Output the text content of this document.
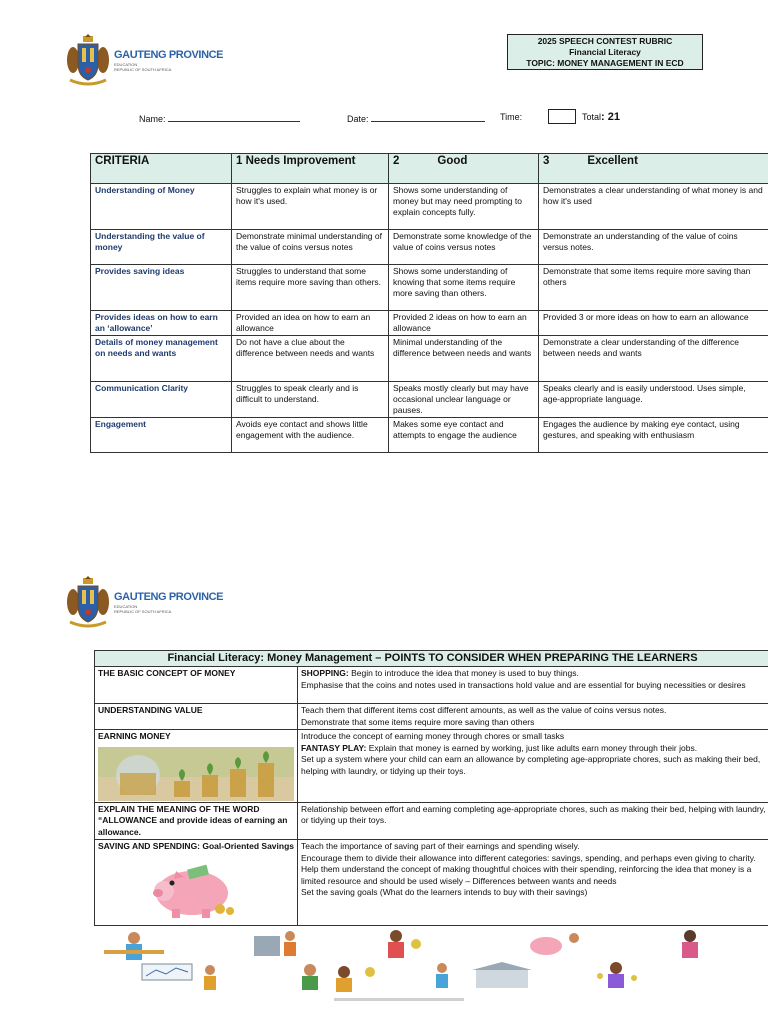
GAUTENG PROVINCE
EDUCATION
REPUBLIC OF SOUTH AFRICA
2025 SPEECH CONTEST RUBRIC
Financial Literacy
TOPIC: MONEY MANAGEMENT IN ECD
Name:	Date:	Time:	Total: 21
CRITERIA	1 Needs Improvement	2 Good	3 Excellent
Understanding of Money	Struggles to explain what money is or how it's used.	Shows some understanding of money but may need prompting to explain concepts fully.	Demonstrates a clear understanding of what money is and how it's used
Understanding the value of money	Demonstrate minimal understanding of the value of coins versus notes	Demonstrate some knowledge of the value of coins versus notes	Demonstrate an understanding of the value of coins versus notes.
Provides saving ideas	Struggles to understand that some items require more saving than others.	Shows some understanding of knowing that some items require more saving than others.	Demonstrate that some items require more saving than others
Provides ideas on how to earn an ‘allowance’	Provided an idea on how to earn an allowance	Provided 2 ideas on how to earn an allowance	Provided 3 or more ideas on how to earn an allowance
Details of money management on needs and wants	Do not have a clue about the difference between needs and wants	Minimal understanding of the difference between needs and wants	Demonstrate a clear understanding of the difference between needs and wants
Communication Clarity	Struggles to speak clearly and is difficult to understand.	Speaks mostly clearly but may have occasional unclear language or pauses.	Speaks clearly and is easily understood. Uses simple, age-appropriate language.
Engagement	Avoids eye contact and shows little engagement with the audience.	Makes some eye contact and attempts to engage the audience	Engages the audience by making eye contact, using gestures, and speaking with enthusiasm
GAUTENG PROVINCE
EDUCATION
REPUBLIC OF SOUTH AFRICA
Financial Literacy: Money Management – POINTS TO CONSIDER WHEN PREPARING THE LEARNERS	
THE BASIC CONCEPT OF MONEY	SHOPPING: Begin to introduce the idea that money is used to buy things.
Emphasise that the coins and notes used in transactions hold value and are essential for buying necessities or desires

UNDERSTANDING VALUE	Teach them that different items cost different amounts, as well as the value of coins versus notes.
Demonstrate that some items require more saving than others

EARNING MONEY	Introduce the concept of earning money through chores or small tasks
FANTASY PLAY: Explain that money is earned by working, just like adults earn money through their jobs.
Set up a system where your child can earn an allowance by completing age-appropriate chores, such as making their bed, helping with laundry, or tidying up their toys.

EXPLAIN THE MEANING OF THE WORD “ALLOWANCE and provide ideas of earning an allowance.	Relationship between effort and earning completing age-appropriate chores, such as making their bed, helping with laundry, or tidying up their toys.

SAVING AND SPENDING: Goal-Oriented Savings	Teach the importance of saving part of their earnings and spending wisely.
Encourage them to divide their allowance into different categories: savings, spending, and perhaps even giving to charity.
Help them understand the concept of making thoughtful choices with their spending, reinforcing the idea that money is a limited resource and should be used wisely – Differences between wants and needs
Set the saving goals (What do the learners intends to buy with their savings)
